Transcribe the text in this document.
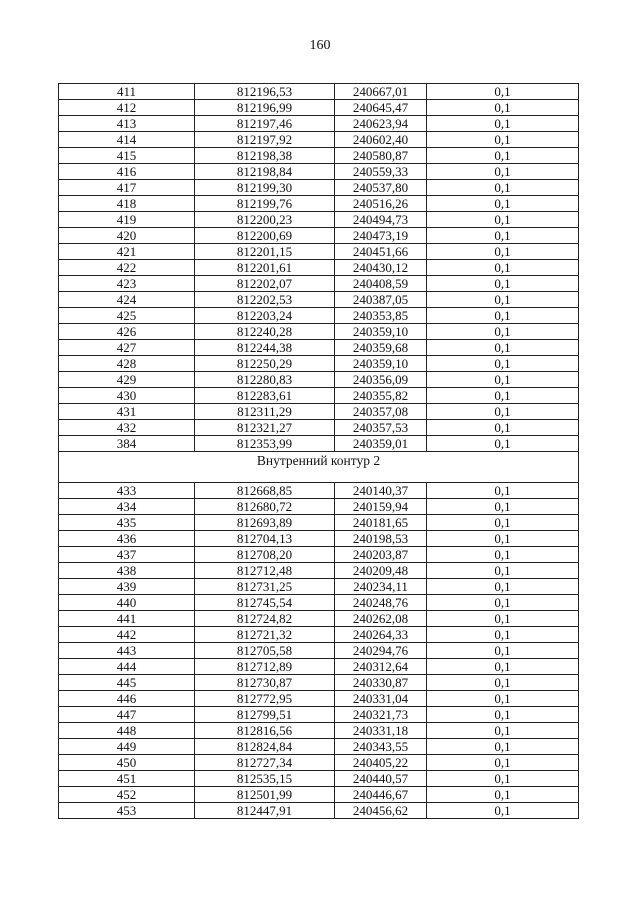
160
411	812196,53	240667,01	0,1
412	812196,99	240645,47	0,1
413	812197,46	240623,94	0,1
414	812197,92	240602,40	0,1
415	812198,38	240580,87	0,1
416	812198,84	240559,33	0,1
417	812199,30	240537,80	0,1
418	812199,76	240516,26	0,1
419	812200,23	240494,73	0,1
420	812200,69	240473,19	0,1
421	812201,15	240451,66	0,1
422	812201,61	240430,12	0,1
423	812202,07	240408,59	0,1
424	812202,53	240387,05	0,1
425	812203,24	240353,85	0,1
426	812240,28	240359,10	0,1
427	812244,38	240359,68	0,1
428	812250,29	240359,10	0,1
429	812280,83	240356,09	0,1
430	812283,61	240355,82	0,1
431	812311,29	240357,08	0,1
432	812321,27	240357,53	0,1
384	812353,99	240359,01	0,1
Внутренний контур 2			
433	812668,85	240140,37	0,1
434	812680,72	240159,94	0,1
435	812693,89	240181,65	0,1
436	812704,13	240198,53	0,1
437	812708,20	240203,87	0,1
438	812712,48	240209,48	0,1
439	812731,25	240234,11	0,1
440	812745,54	240248,76	0,1
441	812724,82	240262,08	0,1
442	812721,32	240264,33	0,1
443	812705,58	240294,76	0,1
444	812712,89	240312,64	0,1
445	812730,87	240330,87	0,1
446	812772,95	240331,04	0,1
447	812799,51	240321,73	0,1
448	812816,56	240331,18	0,1
449	812824,84	240343,55	0,1
450	812727,34	240405,22	0,1
451	812535,15	240440,57	0,1
452	812501,99	240446,67	0,1
453	812447,91	240456,62	0,1
